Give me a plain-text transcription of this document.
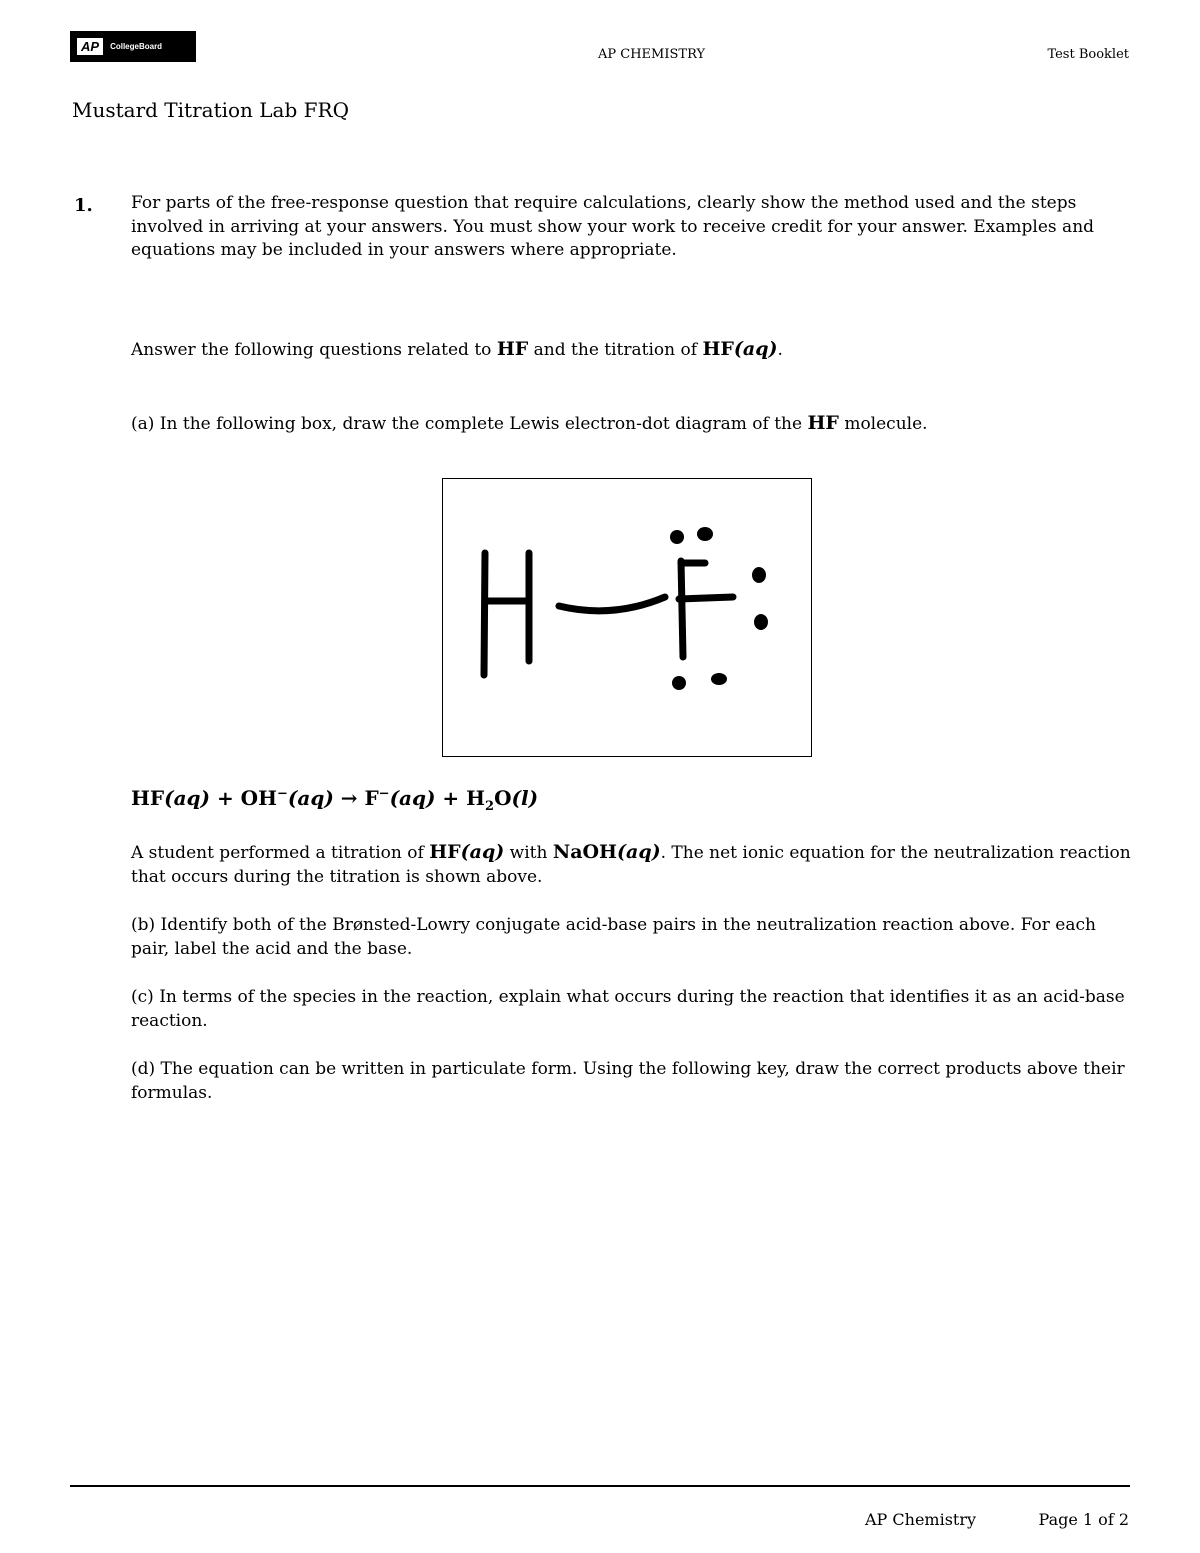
AP	CollegeBoard
AP CHEMISTRY	Test Booklet
Mustard Titration Lab FRQ
1. For parts of the free-response question that require calculations, clearly show the method used and the steps involved in arriving at your answers. You must show your work to receive credit for your answer. Examples and equations may be included in your answers where appropriate.
Answer the following questions related to HF and the titration of HF(aq).
(a) In the following box, draw the complete Lewis electron-dot diagram of the HF molecule.
$HF(aq) + OH^-(aq) \to F^-(aq) + H_2O(l)$
A student performed a titration of HF(aq) with NaOH(aq). The net ionic equation for the neutralization reaction that occurs during the titration is shown above.
(b) Identify both of the Brønsted-Lowry conjugate acid-base pairs in the neutralization reaction above. For each pair, label the acid and the base.
(c) In terms of the species in the reaction, explain what occurs during the reaction that identifies it as an acid-base reaction.
(d) The equation can be written in particulate form. Using the following key, draw the correct products above their formulas.
AP Chemistry	Page 1 of 2
